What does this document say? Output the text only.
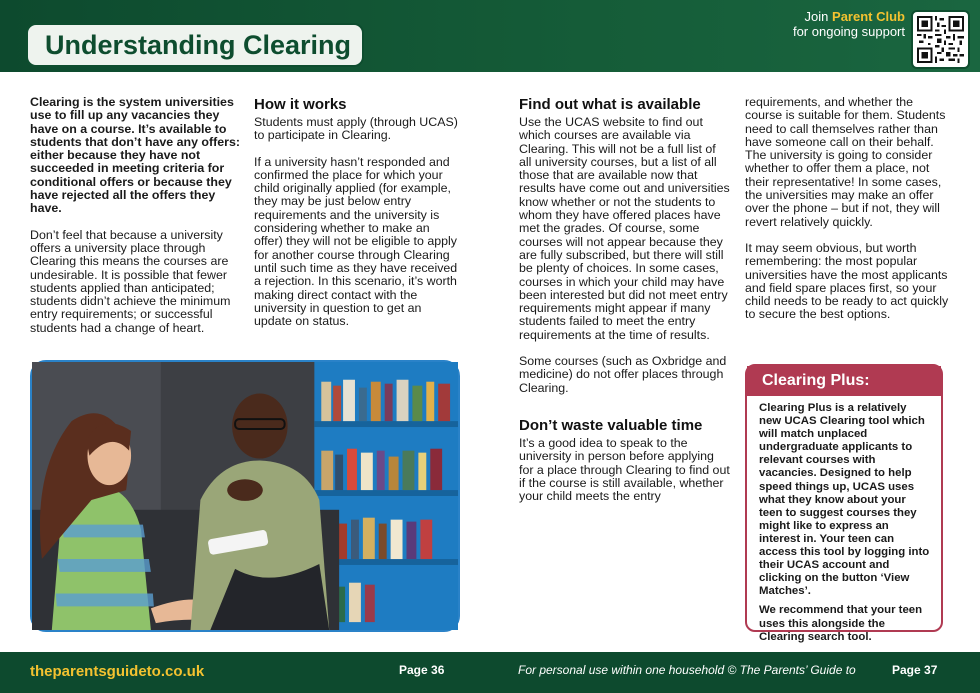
Understanding Clearing
Join Parent Club
for ongoing support

Clearing is the system universities use to fill up any vacancies they have on a course. It’s available to students that don’t have any offers: either because they have not succeeded in meeting criteria for conditional offers or because they have rejected all the offers they have.

Don’t feel that because a university offers a university place through Clearing this means the courses are undesirable. It is possible that fewer students applied than anticipated; students didn’t achieve the minimum entry requirements; or successful students had a change of heart.

How it works

Students must apply (through UCAS) to participate in Clearing.

If a university hasn’t responded and confirmed the place for which your child originally applied (for example, they may be just below entry requirements and the university is considering whether to make an offer) they will not be eligible to apply for another course through Clearing until such time as they have received a rejection. In this scenario, it’s worth making direct contact with the university in question to get an update on status.

Find out what is available

Use the UCAS website to find out which courses are available via Clearing. This will not be a full list of all university courses, but a list of all those that are available now that results have come out and universities know whether or not the students to whom they have offered places have met the grades. Of course, some courses will not appear because they are fully subscribed, but there will still be plenty of choices. In some cases, courses in which your child may have been interested but did not meet entry requirements might appear if many students failed to meet the entry requirements at the time of results.

Some courses (such as Oxbridge and medicine) do not offer places through Clearing.

Don’t waste valuable time

It’s a good idea to speak to the university in person before applying for a place through Clearing to find out if the course is still available, whether your child meets the entry

requirements, and whether the course is suitable for them. Students need to call themselves rather than have someone call on their behalf. The university is going to consider whether to offer them a place, not their representative! In some cases, the universities may make an offer over the phone – but if not, they will revert relatively quickly.

It may seem obvious, but worth remembering: the most popular universities have the most applicants and field spare places first, so your child needs to be ready to act quickly to secure the best options.

Clearing Plus:

Clearing Plus is a relatively new UCAS Clearing tool which will match unplaced undergraduate applicants to relevant courses with vacancies. Designed to help speed things up, UCAS uses what they know about your teen to suggest courses they might like to express an interest in. Your teen can access this tool by logging into their UCAS account and clicking on the button ‘View Matches’.

We recommend that your teen uses this alongside the Clearing search tool.

theparentsguideto.co.uk	Page 36	For personal use within one household © The Parents’ Guide to	Page 37
